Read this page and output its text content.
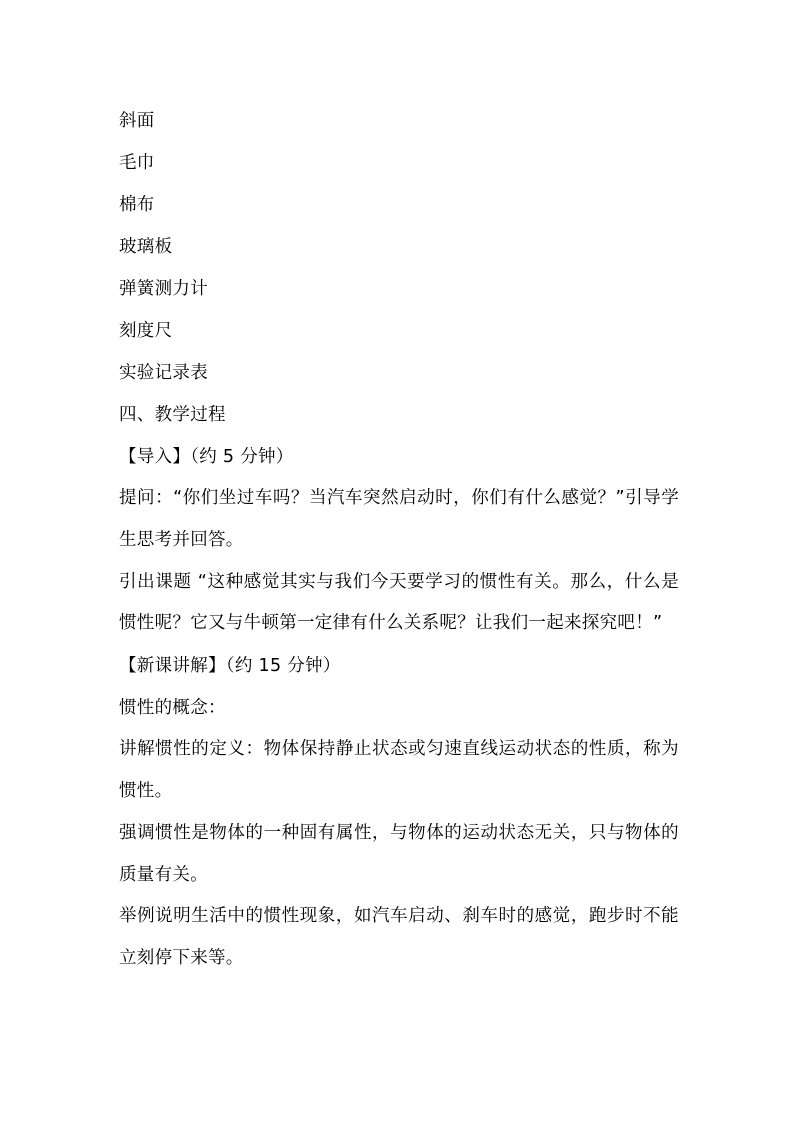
斜面
毛巾
棉布
玻璃板
弹簧测力计
刻度尺
实验记录表
四、教学过程
【导入】（约 5 分钟）
提问：“你们坐过车吗？当汽车突然启动时，你们有什么感觉？”引导学生思考并回答。
引出课题 “这种感觉其实与我们今天要学习的惯性有关。那么，什么是惯性呢？它又与牛顿第一定律有什么关系呢？让我们一起来探究吧！”
【新课讲解】（约 15 分钟）
惯性的概念：
讲解惯性的定义：物体保持静止状态或匀速直线运动状态的性质，称为惯性。
强调惯性是物体的一种固有属性，与物体的运动状态无关，只与物体的质量有关。
举例说明生活中的惯性现象，如汽车启动、刹车时的感觉，跑步时不能立刻停下来等。
